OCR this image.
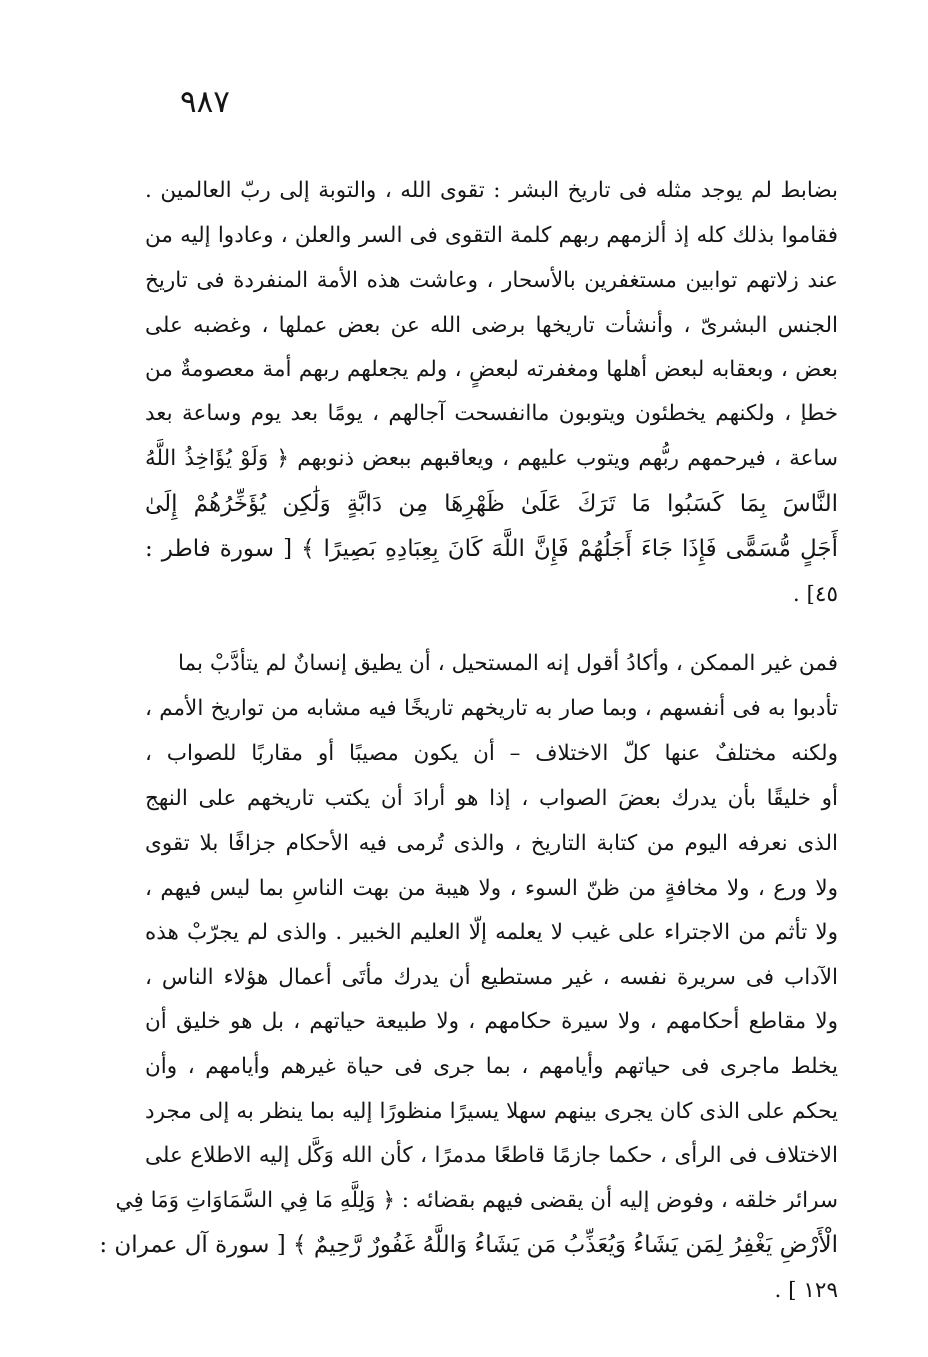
٩٨٧
بضابط لم يوجد مثله فى تاريخ البشر : تقوى الله ، والتوبة إلى ربّ العالمين .
فقاموا بذلك كله إذ ألزمهم ربهم كلمة التقوى فى السر والعلن ، وعادوا إليه من
عند زلاتهم توابين مستغفرين بالأسحار ، وعاشت هذه الأمة المنفردة فى تاريخ
الجنس البشرىّ ، وأنشأت تاريخها برضى الله عن بعض عملها ، وغضبه على
بعض ، وبعقابه لبعض أهلها ومغفرته لبعضٍ ، ولم يجعلهم ربهم أمة معصومةٌ من
خطإ ، ولكنهم يخطئون ويتوبون ماانفسحت آجالهم ، يومًا بعد يوم وساعة بعد
ساعة ، فيرحمهم ربُّهم ويتوب عليهم ، ويعاقبهم ببعض ذنوبهم ﴿ وَلَوْ يُؤَاخِذُ اللَّهُ
النَّاسَ بِمَا كَسَبُوا مَا تَرَكَ عَلَىٰ ظَهْرِهَا مِن دَابَّةٍ وَلَٰكِن يُؤَخِّرُهُمْ إِلَىٰ
أَجَلٍ مُّسَمًّى فَإِذَا جَاءَ أَجَلُهُمْ فَإِنَّ اللَّهَ كَانَ بِعِبَادِهِ بَصِيرًا ﴾ [ سورة فاطر :
٤٥] .
فمن غير الممكن ، وأكادُ أقول إنه المستحيل ، أن يطيق إنسانٌ لم يتأدَّبْ بما
تأدبوا به فى أنفسهم ، وبما صار به تاريخهم تاريخًا فيه مشابه من تواريخ الأمم ،
ولكنه مختلفٌ عنها كلّ الاختلاف – أن يكون مصيبًا أو مقاربًا للصواب ،
أو خليقًا بأن يدرك بعضَ الصواب ، إذا هو أرادَ أن يكتب تاريخهم على النهج
الذى نعرفه اليوم من كتابة التاريخ ، والذى تُرمى فيه الأحكام جزافًا بلا تقوى
ولا ورع ، ولا مخافةٍ من ظنّ السوء ، ولا هيبة من بهت الناسِ بما ليس فيهم ،
ولا تأثم من الاجتراء على غيب لا يعلمه إلّا العليم الخبير . والذى لم يجرّبْ هذه
الآداب فى سريرة نفسه ، غير مستطيع أن يدرك مأتَى أعمال هؤلاء الناس ،
ولا مقاطع أحكامهم ، ولا سيرة حكامهم ، ولا طبيعة حياتهم ، بل هو خليق أن
يخلط ماجرى فى حياتهم وأيامهم ، بما جرى فى حياة غيرهم وأيامهم ، وأن
يحكم على الذى كان يجرى بينهم سهلا يسيرًا منظورًا إليه بما ينظر به إلى مجرد
الاختلاف فى الرأى ، حكما جازمًا قاطعًا مدمرًا ، كأن الله وَكَّل إليه الاطلاع على
سرائر خلقه ، وفوض إليه أن يقضى فيهم بقضائه : ﴿ وَلِلَّهِ مَا فِي السَّمَاوَاتِ وَمَا فِي
الْأَرْضِ يَغْفِرُ لِمَن يَشَاءُ وَيُعَذِّبُ مَن يَشَاءُ وَاللَّهُ غَفُورٌ رَّحِيمٌ ﴾ [ سورة آل عمران :
١٢٩ ] .
